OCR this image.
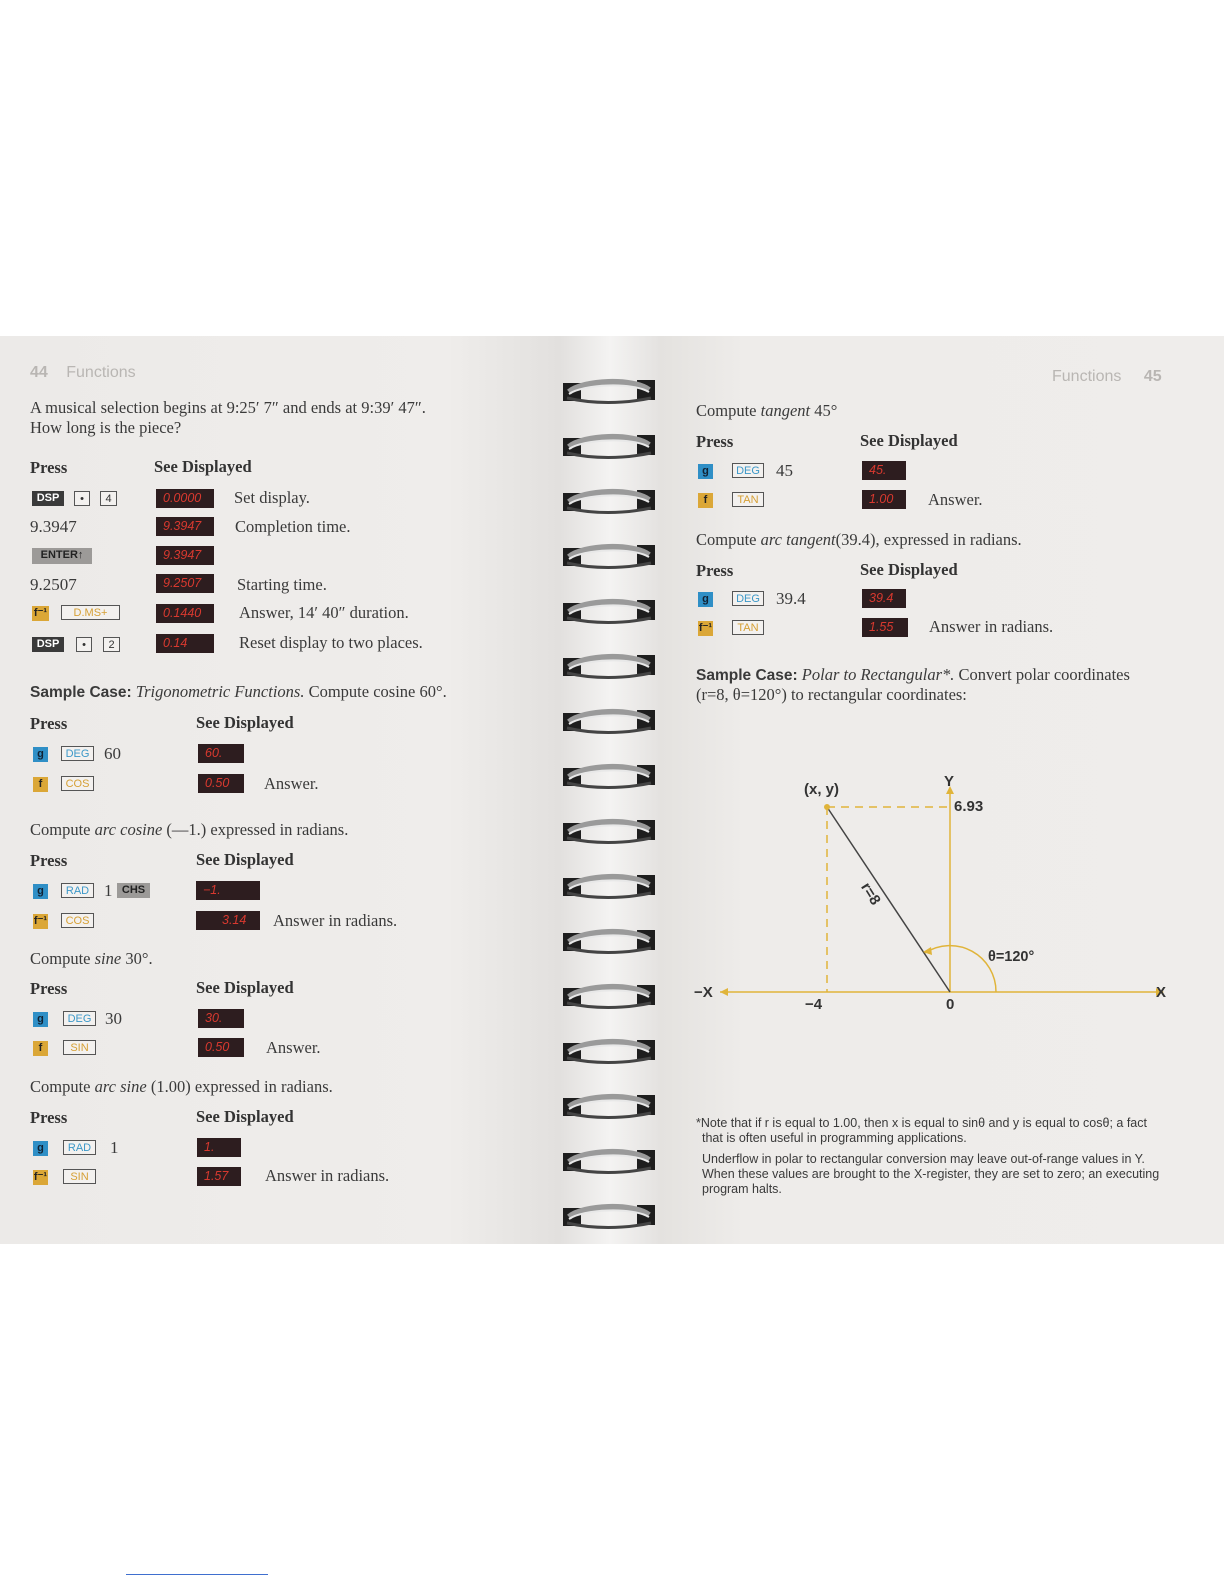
44 Functions
A musical selection begins at 9:25′ 7″ and ends at 9:39′ 47″.
How long is the piece?
Press	See Displayed
DSP	•	4	0.0000	Set display.
9.3947	9.3947	Completion time.
ENTER↑	9.3947
9.2507	9.2507	Starting time.
f⁻¹	D.MS+	0.1440	Answer, 14′ 40″ duration.
DSP	•	2	0.14	Reset display to two places.
Sample Case: Trigonometric Functions. Compute cosine 60°.
Press	See Displayed
g	DEG 60	60.
f	COS	0.50	Answer.
Compute arc cosine (—1.) expressed in radians.
Press	See Displayed
g	RAD 1 CHS	−1.
f⁻¹	COS	3.14	Answer in radians.
Compute sine 30°.
Press	See Displayed
g	DEG 30	30.
f	SIN	0.50	Answer.
Compute arc sine (1.00) expressed in radians.
Press	See Displayed
g	RAD 1	1.
f⁻¹	SIN	1.57	Answer in radians.
Functions 45
Compute tangent 45°
Press	See Displayed
g	DEG 45	45.
f	TAN	1.00	Answer.
Compute arc tangent(39.4), expressed in radians.
Press	See Displayed
g	DEG 39.4	39.4
f⁻¹	TAN	1.55	Answer in radians.
Sample Case: Polar to Rectangular*. Convert polar coordinates
(r=8, θ=120°) to rectangular coordinates:
(x, y)	Y
6.93
r=8
θ=120°
−X	X
−4	0
*Note that if r is equal to 1.00, then x is equal to sinθ and y is equal to cosθ; a fact
that is often useful in programming applications.
Underflow in polar to rectangular conversion may leave out-of-range values in Y.
When these values are brought to the X-register, they are set to zero; an executing
program halts.
